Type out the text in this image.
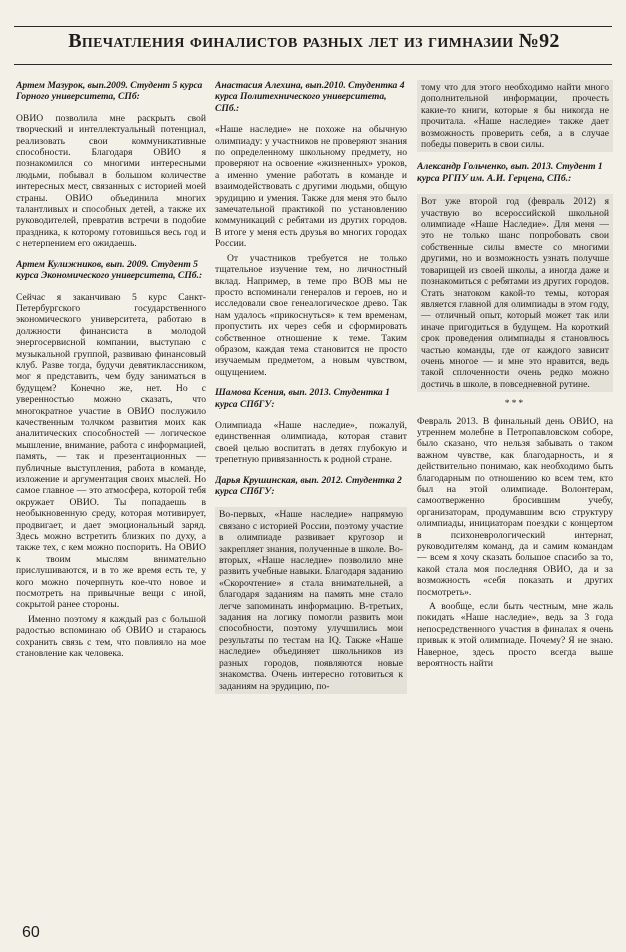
Впечатления финалистов разных лет из гимназии №92
Артем Мазурок, вып.2009. Студент 5 курса Горного университета, СПб:
ОВИО позволила мне раскрыть свой творческий и интеллектуальный потенциал, реализовать свои коммуникативные способности. Благодаря ОВИО я познакомился со многими интересными людьми, побывал в большом количестве интересных мест, связанных с историей моей страны. ОВИО объединила многих талантливых и способных детей, а также их руководителей, превратив встречи в подобие праздника, к которому готовишься весь год и с нетерпением его ожидаешь.
Артем Кулижников, вып. 2009. Студент 5 курса Экономического университета, СПб.:
Сейчас я заканчиваю 5 курс Санкт-Петербургского государственного экономического университета, работаю в должности финансиста в молодой энергосервисной компании, выступаю с музыкальной группой, развиваю финансовый клуб. Разве тогда, будучи девятиклассником, мог я представить, чем буду заниматься в будущем? Конечно же, нет. Но с уверенностью можно сказать, что многократное участие в ОВИО послужило качественным толчком развития моих как аналитических способностей — логическое мышление, внимание, работа с информацией, память, — так и презентационных — публичные выступления, работа в команде, изложение и аргументация своих мыслей. Но самое главное — это атмосфера, которой тебя окружает ОВИО. Ты попадаешь в необыкновенную среду, которая мотивирует, продвигает, и дает эмоциональный заряд. Здесь можно встретить близких по духу, а также тех, с кем можно поспорить. На ОВИО к твоим мыслям внимательно прислушиваются, и в то же время есть те, у кого можно почерпнуть кое-что новое и посмотреть на привычные вещи с иной, сокрытой ранее стороны.
Именно поэтому я каждый раз с большой радостью вспоминаю об ОВИО и стараюсь сохранить связь с тем, что повлияло на мое становление как человека.
Анастасия Алехина, вып.2010. Студентка 4 курса Политехнического университета, СПб.:
«Наше наследие» не похоже на обычную олимпиаду: у участников не проверяют знания по определенному школьному предмету, но проверяют на освоение «жизненных» уроков, а именно умение работать в команде и взаимодействовать с другими людьми, общую эрудицию и умения. Также для меня это было замечательной практикой по установлению коммуникаций с ребятами из других городов. В итоге у меня есть друзья во многих городах России.
От участников требуется не только тщательное изучение тем, но личностный вклад. Например, в теме про ВОВ мы не просто вспоминали генералов и героев, но и исследовали свое генеалогическое древо. Так нам удалось «прикоснуться» к тем временам, пропустить их через себя и сформировать собственное отношение к теме. Таким образом, каждая тема становится не просто изучаемым предметом, а новым чувством, ощущением.
Шамова Ксения, вып. 2013. Студентка 1 курса СПбГУ:
Олимпиада «Наше наследие», пожалуй, единственная олимпиада, которая ставит своей целью воспитать в детях глубокую и трепетную привязанность к родной стране.
Дарья Крушинская, вып. 2012. Студентка 2 курса СПбГУ:
Во-первых, «Наше наследие» напрямую связано с историей России, поэтому участие в олимпиаде развивает кругозор и закрепляет знания, полученные в школе. Во-вторых, «Наше наследие» позволило мне развить учебные навыки. Благодаря заданию «Скорочтение» я стала внимательней, а благодаря заданиям на память мне стало легче запоминать информацию. В-третьих, задания на логику помогли развить мои способности, поэтому улучшились мои результаты по тестам на IQ. Также «Наше наследие» объединяет школьников из разных городов, появляются новые знакомства. Очень интересно готовиться к заданиям на эрудицию, по-
тому что для этого необходимо найти много дополнительной информации, прочесть какие-то книги, которые я бы никогда не прочитала. «Наше наследие» также дает возможность проверить себя, а в случае победы поверить в свои силы.
Александр Гольченко, вып. 2013. Студент 1 курса РГПУ им. А.И. Герцена, СПб.:
Вот уже второй год (февраль 2012) я участвую во всероссийской школьной олимпиаде «Наше Наследие». Для меня — это не только шанс попробовать свои собственные силы вместе со многими другими, но и возможность узнать получше товарищей из своей школы, а иногда даже и познакомиться с ребятами из других городов. Стать знатоком какой-то темы, которая является главной для олимпиады в этом году, — отличный опыт, который может так или иначе пригодиться в будущем. На короткий срок проведения олимпиады я становлюсь частью команды, где от каждого зависит очень многое — и мне это нравится, ведь такой сплоченности очень редко можно достичь в школе, в повседневной рутине.
***
Февраль 2013. В финальный день ОВИО, на утреннем молебне в Петропавловском соборе, было сказано, что нельзя забывать о таком важном чувстве, как благодарность, и я действительно понимаю, как необходимо быть благодарным по отношению ко всем тем, кто был на этой олимпиаде. Волонтерам, самоотверженно бросившим учебу, организаторам, продумавшим всю структуру олимпиады, инициаторам поездки с концертом в психоневрологический интернат, руководителям команд, да и самим командам — всем я хочу сказать большое спасибо за то, какой стала моя последняя ОВИО, да и за возможность «себя показать и других посмотреть».
А вообще, если быть честным, мне жаль покидать «Наше наследие», ведь за 3 года непосредственного участия в финалах я очень привык к этой олимпиаде. Почему? Я не знаю. Наверное, здесь просто всегда выше вероятность найти
60
